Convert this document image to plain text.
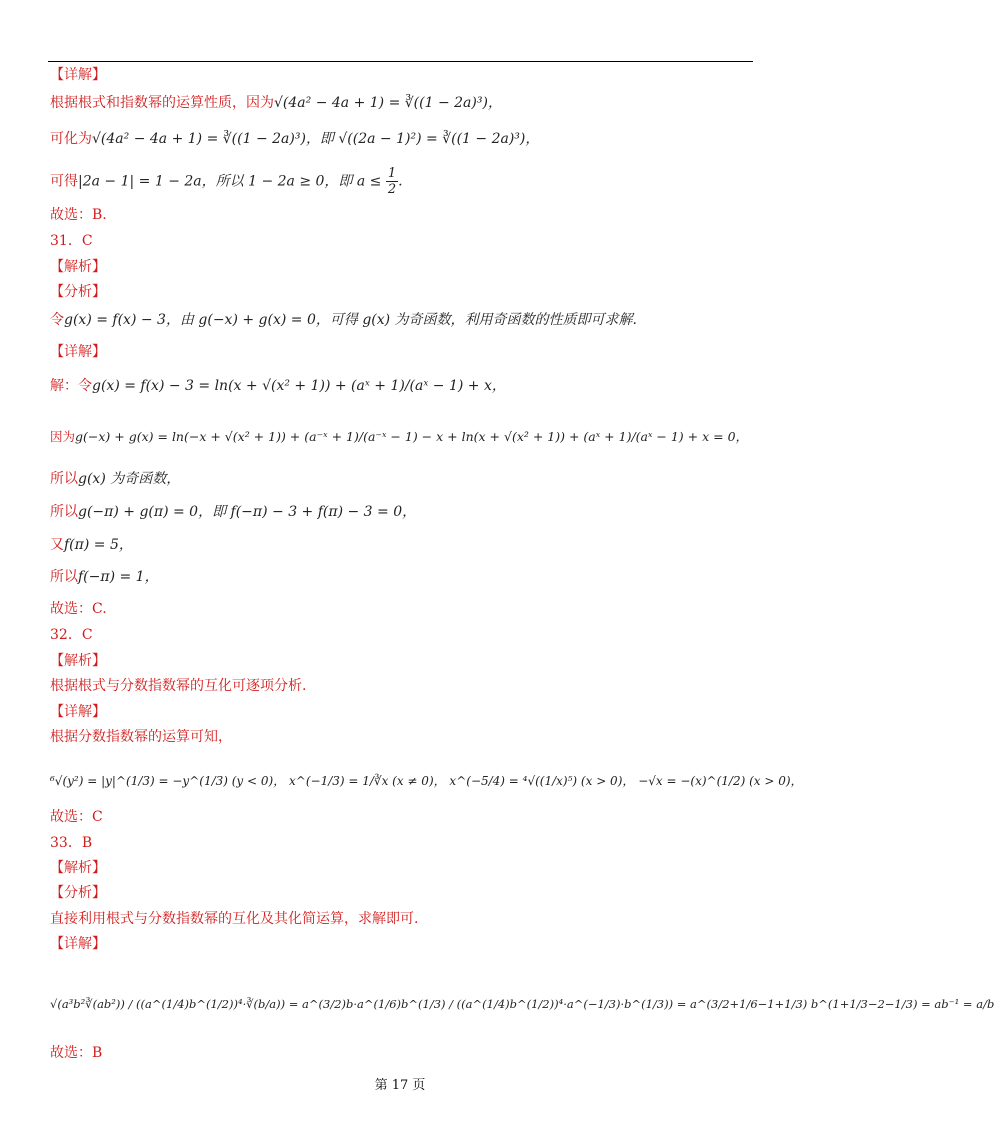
【详解】
根据根式和指数幂的运算性质，因为√(4a² − 4a + 1) = ∛((1 − 2a)³)，
可化为√(4a² − 4a + 1) = ∛((1 − 2a)³)，即 √((2a − 1)²) = ∛((1 − 2a)³)，
可得|2a − 1| = 1 − 2a，所以 1 − 2a ≥ 0，即 $a \le \frac{1}{2}$ .
故选：B.
31．C
【解析】
【分析】
令g(x) = f(x) − 3，由 g(−x) + g(x) = 0，可得 g(x) 为奇函数，利用奇函数的性质即可求解.
【详解】
解：令g(x) = f(x) − 3 = ln(x + √(x² + 1)) + (aˣ + 1)/(aˣ − 1) + x，
因为g(−x) + g(x) = ln(−x + √(x² + 1)) + (a⁻ˣ + 1)/(a⁻ˣ − 1) − x + ln(x + √(x² + 1)) + (aˣ + 1)/(aˣ − 1) + x = 0，
所以g(x) 为奇函数，
所以g(−π) + g(π) = 0，即 f(−π) − 3 + f(π) − 3 = 0，
又f(π) = 5，
所以f(−π) = 1，
故选：C.
32．C
【解析】
根据根式与分数指数幂的互化可逐项分析.
【详解】
根据分数指数幂的运算可知，
⁶√(y²) = |y|^(1/3) = −y^(1/3) (y < 0)， x^(−1/3) = 1/∛x (x ≠ 0)， x^(−5/4) = ⁴√((1/x)⁵) (x > 0)， −√x = −(x)^(1/2) (x > 0)，
故选：C
33．B
【解析】
【分析】
直接利用根式与分数指数幂的互化及其化简运算，求解即可.
【详解】
√(a³b²∛(ab²)) / ((a^(1/4)b^(1/2))⁴·∛(b/a)) = a^(3/2)b·a^(1/6)b^(1/3) / ((a^(1/4)b^(1/2))⁴·a^(−1/3)·b^(1/3)) = a^(3/2+1/6−1+1/3) b^(1+1/3−2−1/3) = ab⁻¹ = a/b
故选：B
第 17 页
